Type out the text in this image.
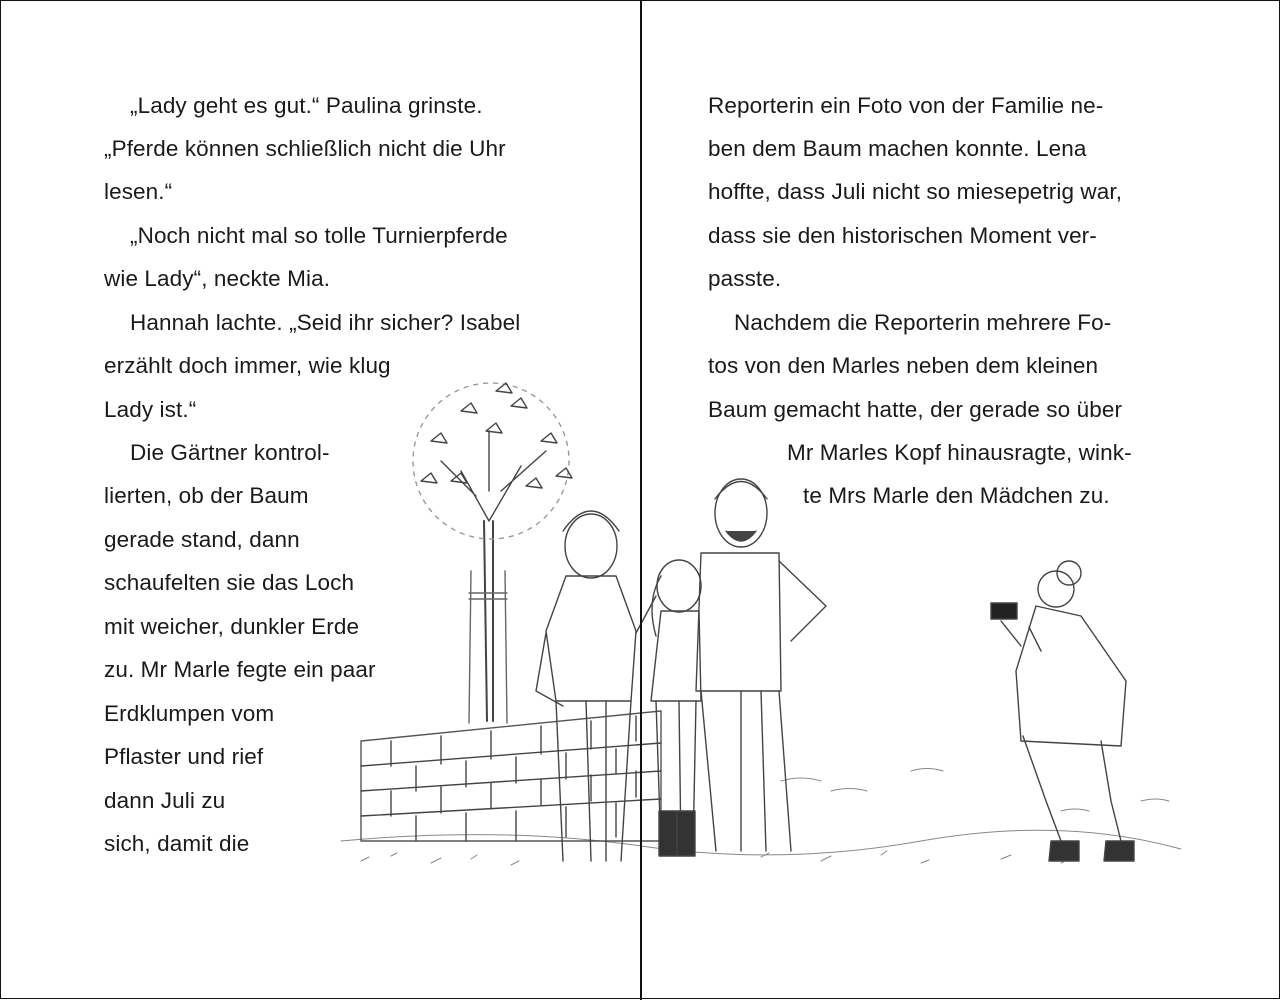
„Lady geht es gut.“ Paulina grinste.
„Pferde können schließlich nicht die Uhr
lesen.“
„Noch nicht mal so tolle Turnierpferde
wie Lady“, neckte Mia.
Hannah lachte. „Seid ihr sicher? Isabel
erzählt doch immer, wie klug
Lady ist.“
Die Gärtner kontrol-
lierten, ob der Baum
gerade stand, dann
schaufelten sie das Loch
mit weicher, dunkler Erde
zu. Mr Marle fegte ein paar
Erdklumpen vom
Pflaster und rief
dann Juli zu
sich, damit die
Reporterin ein Foto von der Familie ne-
ben dem Baum machen konnte. Lena
hoffte, dass Juli nicht so miesepetrig war,
dass sie den historischen Moment ver-
passte.
Nachdem die Reporterin mehrere Fo-
tos von den Marles neben dem kleinen
Baum gemacht hatte, der gerade so über
Mr Marles Kopf hinausragte, wink-
te Mrs Marle den Mädchen zu.
